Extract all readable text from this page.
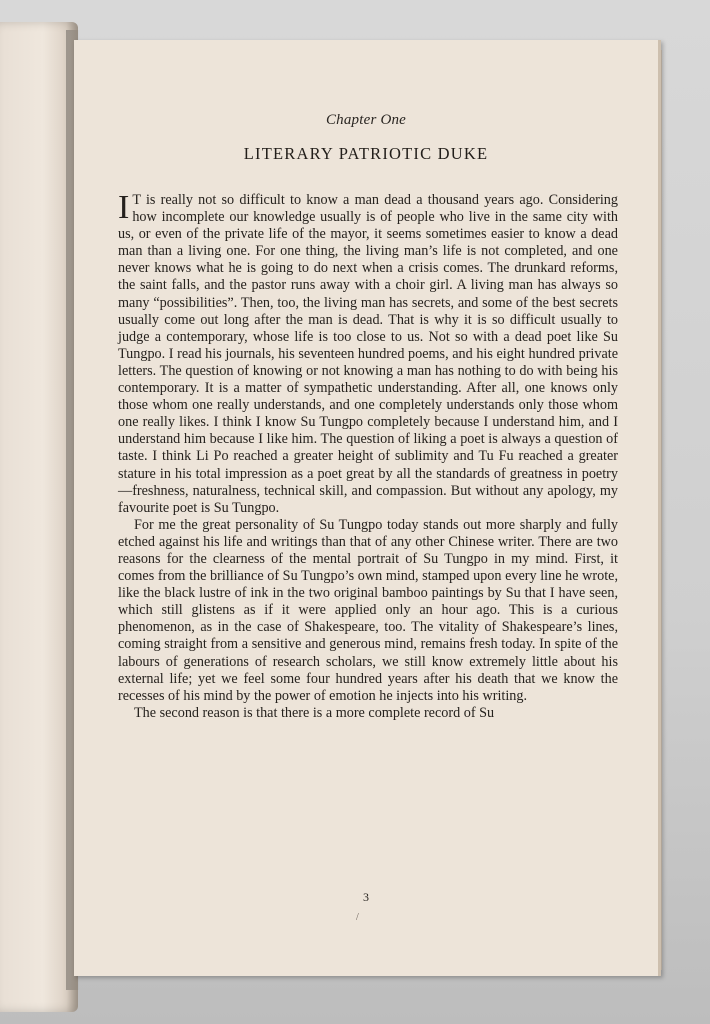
Chapter One
LITERARY PATRIOTIC DUKE

I T is really not so difficult to know a man dead a thousand years ago. Considering how incomplete our knowledge usually is of people who live in the same city with us, or even of the private life of the mayor, it seems sometimes easier to know a dead man than a living one. For one thing, the living man’s life is not completed, and one never knows what he is going to do next when a crisis comes. The drunkard reforms, the saint falls, and the pastor runs away with a choir girl. A living man has always so many “possibilities”. Then, too, the living man has secrets, and some of the best secrets usually come out long after the man is dead. That is why it is so difficult usually to judge a contemporary, whose life is too close to us. Not so with a dead poet like Su Tungpo. I read his journals, his seventeen hundred poems, and his eight hundred private letters. The question of knowing or not knowing a man has nothing to do with being his contemporary. It is a matter of sympathetic understanding. After all, one knows only those whom one really understands, and one completely understands only those whom one really likes. I think I know Su Tungpo completely because I understand him, and I understand him because I like him. The question of liking a poet is always a question of taste. I think Li Po reached a greater height of sublimity and Tu Fu reached a greater stature in his total impression as a poet great by all the standards of greatness in poetry—freshness, naturalness, technical skill, and compassion. But without any apology, my favourite poet is Su Tungpo.

For me the great personality of Su Tungpo today stands out more sharply and fully etched against his life and writings than that of any other Chinese writer. There are two reasons for the clearness of the mental portrait of Su Tungpo in my mind. First, it comes from the brilliance of Su Tungpo’s own mind, stamped upon every line he wrote, like the black lustre of ink in the two original bamboo paintings by Su that I have seen, which still glistens as if it were applied only an hour ago. This is a curious phenomenon, as in the case of Shakespeare, too. The vitality of Shakespeare’s lines, coming straight from a sensitive and generous mind, remains fresh today. In spite of the labours of generations of research scholars, we still know extremely little about his external life; yet we feel some four hundred years after his death that we know the recesses of his mind by the power of emotion he injects into his writing.

The second reason is that there is a more complete record of Su

3
/
